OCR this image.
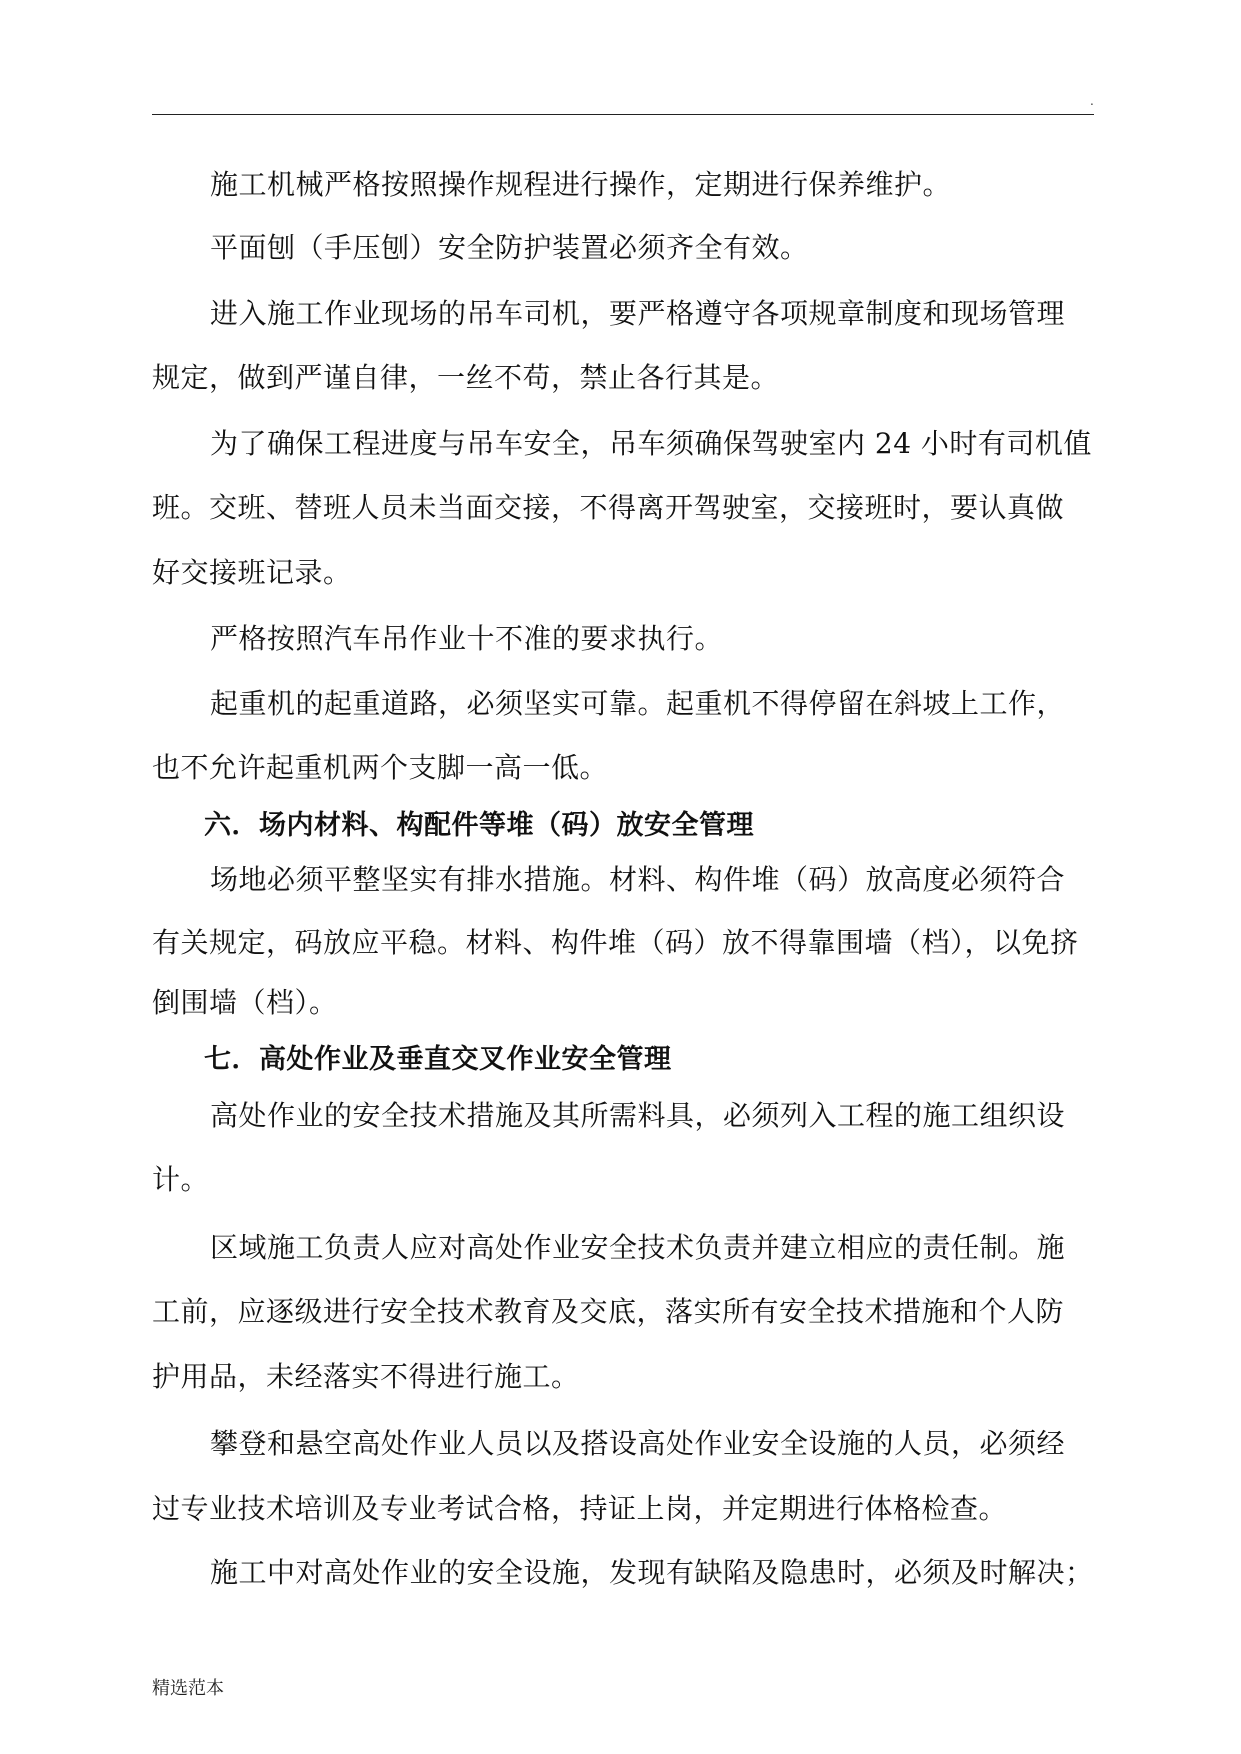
.
施工机械严格按照操作规程进行操作，定期进行保养维护。
平面刨（手压刨）安全防护装置必须齐全有效。
进入施工作业现场的吊车司机，要严格遵守各项规章制度和现场管理
规定，做到严谨自律，一丝不苟，禁止各行其是。
为了确保工程进度与吊车安全，吊车须确保驾驶室内 24 小时有司机值
班。交班、替班人员未当面交接，不得离开驾驶室，交接班时，要认真做
好交接班记录。
严格按照汽车吊作业十不准的要求执行。
起重机的起重道路，必须坚实可靠。起重机不得停留在斜坡上工作，
也不允许起重机两个支脚一高一低。
六．场内材料、构配件等堆（码）放安全管理
场地必须平整坚实有排水措施。材料、构件堆（码）放高度必须符合
有关规定，码放应平稳。材料、构件堆（码）放不得靠围墙（档），以免挤
倒围墙（档）。
七．高处作业及垂直交叉作业安全管理
高处作业的安全技术措施及其所需料具，必须列入工程的施工组织设
计。
区域施工负责人应对高处作业安全技术负责并建立相应的责任制。施
工前，应逐级进行安全技术教育及交底，落实所有安全技术措施和个人防
护用品，未经落实不得进行施工。
攀登和悬空高处作业人员以及搭设高处作业安全设施的人员，必须经
过专业技术培训及专业考试合格，持证上岗，并定期进行体格检查。
施工中对高处作业的安全设施，发现有缺陷及隐患时，必须及时解决；
精选范本
